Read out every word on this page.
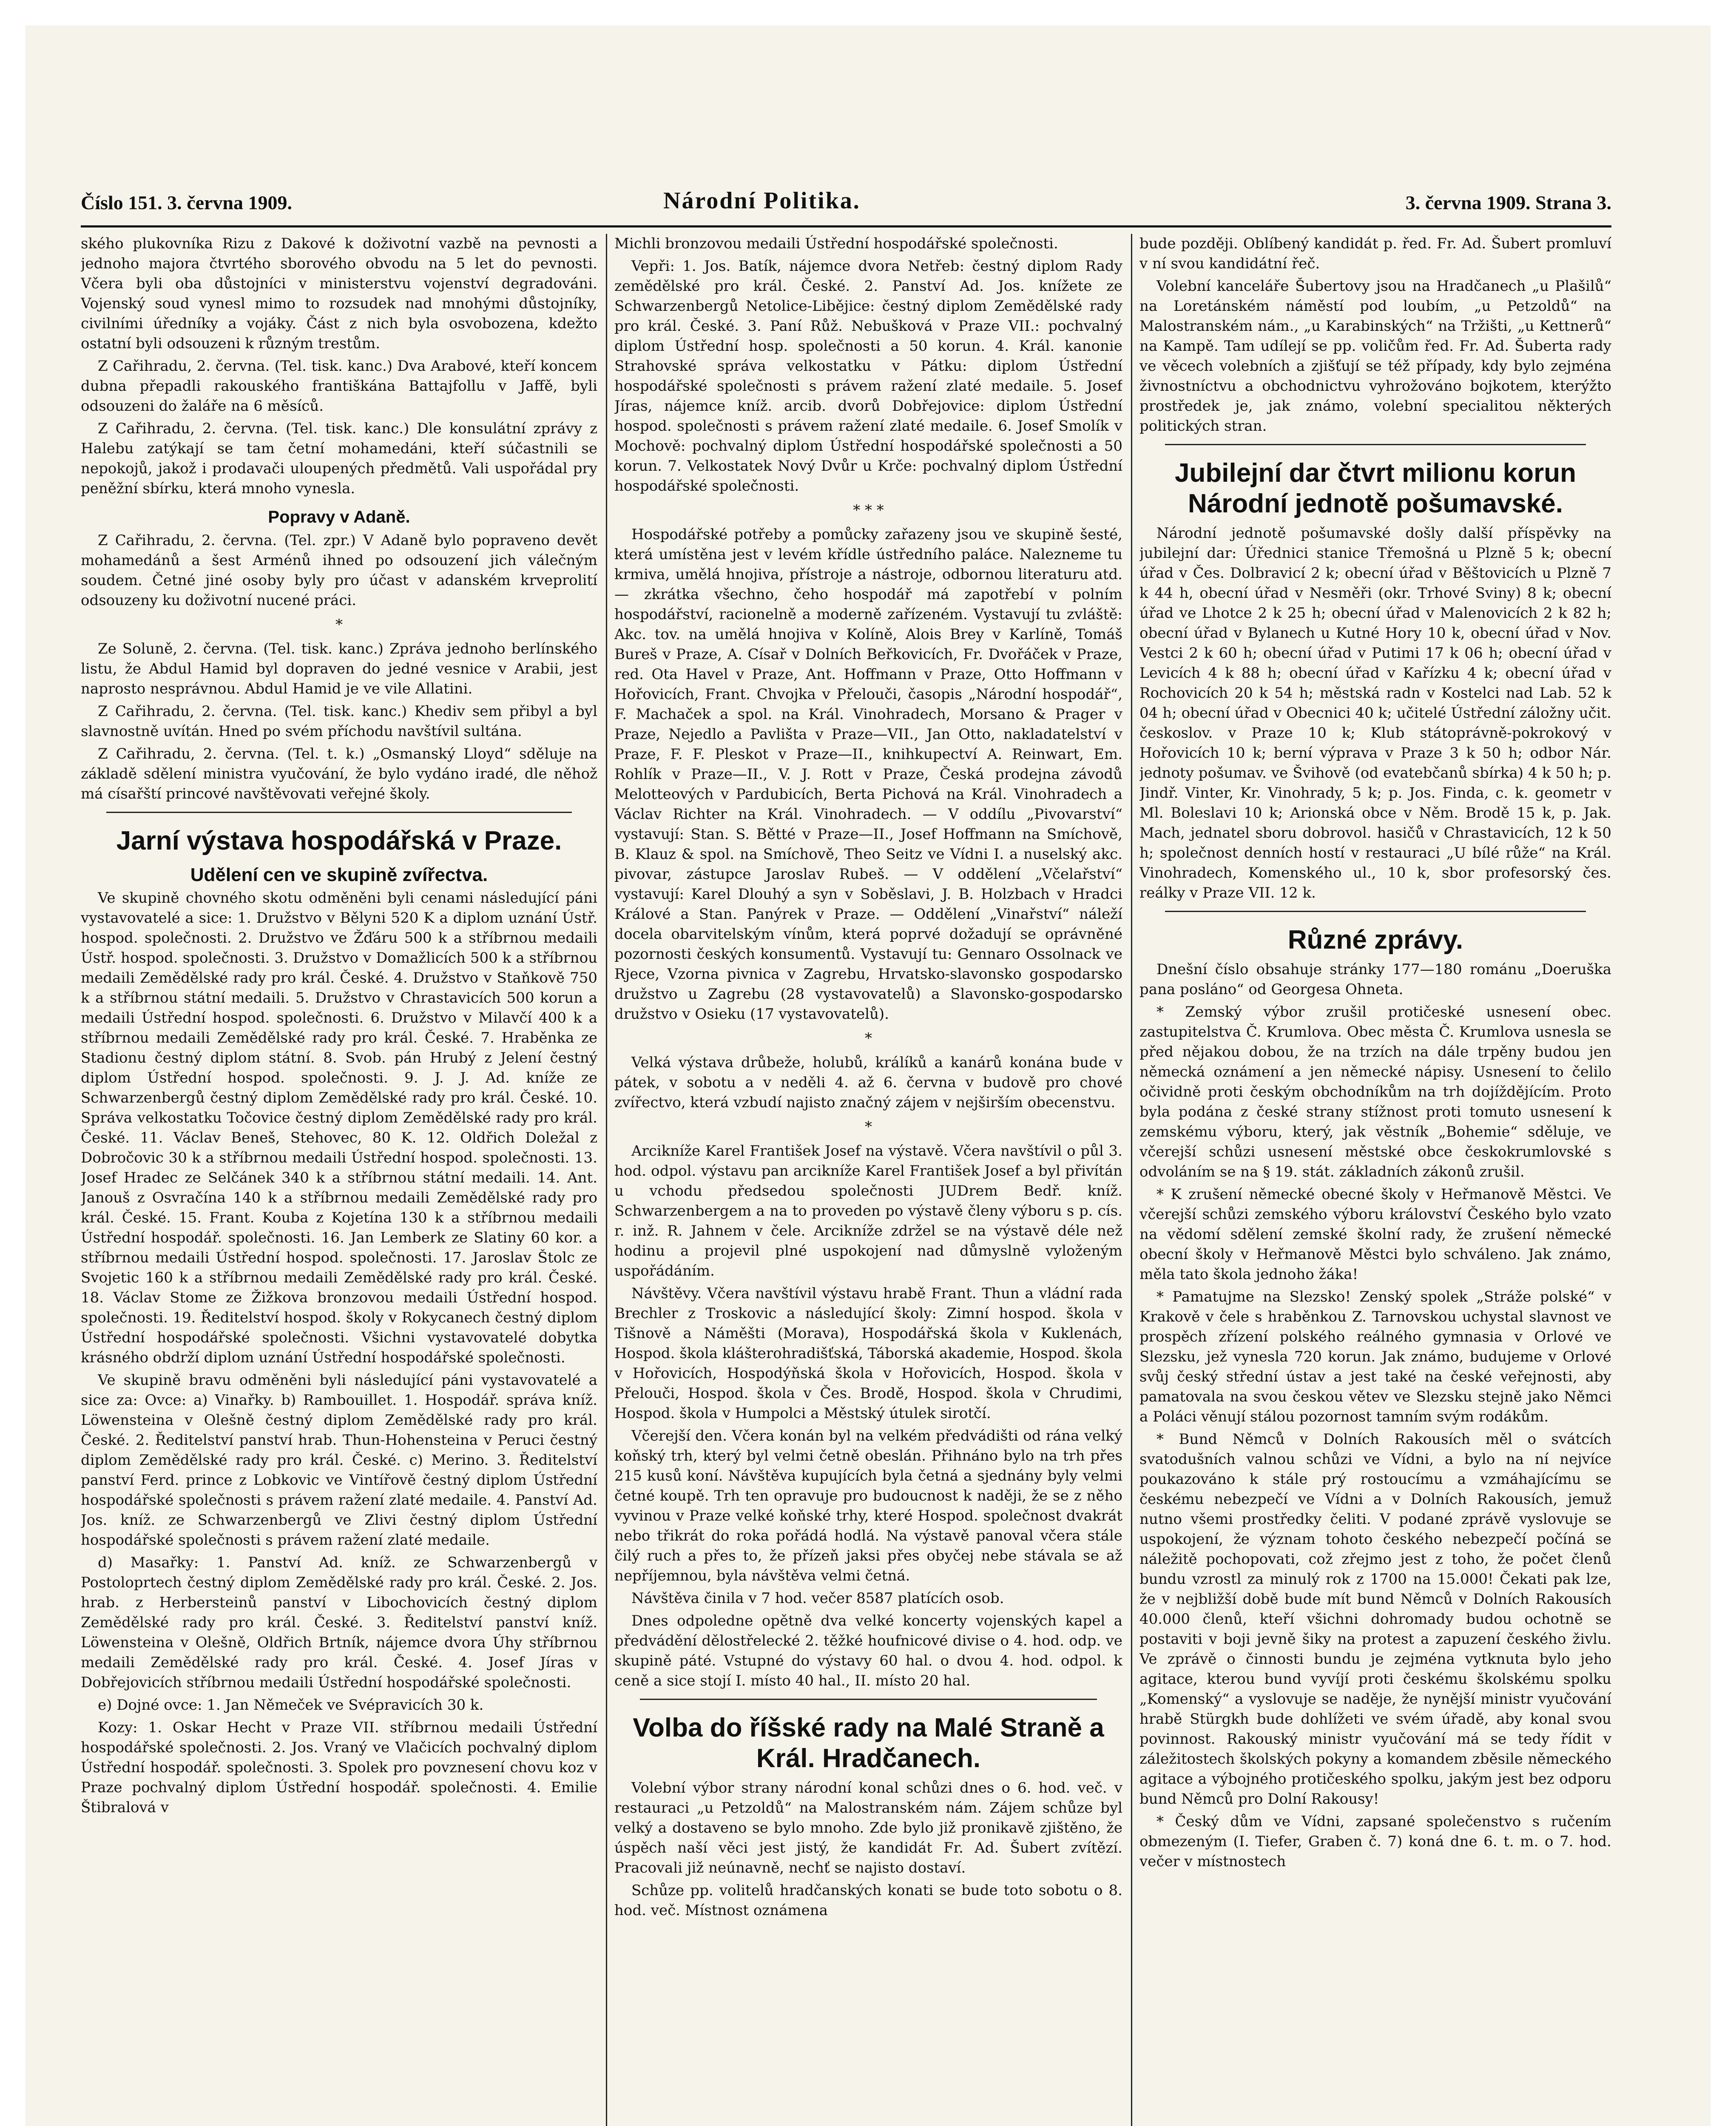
Číslo 151. 3. června 1909.	Národní Politika.	3. června 1909. Strana 3.

ského plukovníka Rizu z Dakové k doživotní vazbě na pevnosti a jednoho majora čtvrtého sborového obvodu na 5 let do pevnosti. Včera byli oba důstojníci v ministerstvu vojenství degradováni. Vojenský soud vynesl mimo to rozsudek nad mnohými důstojníky, civilními úředníky a vojáky. Část z nich byla osvobozena, kdežto ostatní byli odsouzeni k různým trestům.

Z Cařihradu, 2. června. (Tel. tisk. kanc.) Dva Arabové, kteří koncem dubna přepadli rakouského františkána Battajfollu v Jaffě, byli odsouzeni do žaláře na 6 měsíců.

Z Cařihradu, 2. června. (Tel. tisk. kanc.) Dle konsulátní zprávy z Halebu zatýkají se tam četní mohamedáni, kteří súčastnili se nepokojů, jakož i prodavači uloupených předmětů. Vali uspořádal pry peněžní sbírku, která mnoho vynesla.

Popravy v Adaně.

Z Cařihradu, 2. června. (Tel. zpr.) V Adaně bylo popraveno devět mohamedánů a šest Arménů ihned po odsouzení jich válečným soudem. Četné jiné osoby byly pro účast v adanském krveprolití odsouzeny ku doživotní nucené práci.

*

Ze Soluně, 2. června. (Tel. tisk. kanc.) Zpráva jednoho berlínského listu, že Abdul Hamid byl dopraven do jedné vesnice v Arabii, jest naprosto nesprávnou. Abdul Hamid je ve vile Allatini.

Z Cařihradu, 2. června. (Tel. tisk. kanc.) Khediv sem přibyl a byl slavnostně uvítán. Hned po svém příchodu navštívil sultána.

Z Cařihradu, 2. června. (Tel. t. k.) „Osmanský Lloyd“ sděluje na základě sdělení ministra vyučování, že bylo vydáno iradé, dle něhož má císařští princové navštěvovati veřejné školy.

Jarní výstava hospodářská v Praze.
Udělení cen ve skupině zvířectva.

Ve skupině chovného skotu odměněni byli cenami následující páni vystavovatelé a sice: 1. Družstvo v Bělyni 520 K a diplom uznání Ústř. hospod. společnosti. 2. Družstvo ve Žďáru 500 k a stříbrnou medaili Ústř. hospod. společnosti. 3. Družstvo v Domažlicích 500 k a stříbrnou medaili Zemědělské rady pro král. České. 4. Družstvo v Staňkově 750 k a stříbrnou státní medaili. 5. Družstvo v Chrastavicích 500 korun a medaili Ústřední hospod. společnosti. 6. Družstvo v Milavčí 400 k a stříbrnou medaili Zemědělské rady pro král. České. 7. Hraběnka ze Stadionu čestný diplom státní. 8. Svob. pán Hrubý z Jelení čestný diplom Ústřední hospod. společnosti. 9. J. J. Ad. kníže ze Schwarzenbergů čestný diplom Zemědělské rady pro král. České. 10. Správa velkostatku Točovice čestný diplom Zemědělské rady pro král. České. 11. Václav Beneš, Stehovec, 80 K. 12. Oldřich Doležal z Dobročovic 30 k a stříbrnou medaili Ústřední hospod. společnosti. 13. Josef Hradec ze Selčánek 340 k a stříbrnou státní medaili. 14. Ant. Janouš z Osvračína 140 k a stříbrnou medaili Zemědělské rady pro král. České. 15. Frant. Kouba z Kojetína 130 k a stříbrnou medaili Ústřední hospodář. společnosti. 16. Jan Lemberk ze Slatiny 60 kor. a stříbrnou medaili Ústřední hospod. společnosti. 17. Jaroslav Štolc ze Svojetic 160 k a stříbrnou medaili Zemědělské rady pro král. České. 18. Václav Stome ze Žižkova bronzovou medaili Ústřední hospod. společnosti. 19. Ředitelství hospod. školy v Rokycanech čestný diplom Ústřední hospodářské společnosti. Všichni vystavovatelé dobytka krásného obdrží diplom uznání Ústřední hospodářské společnosti.

Ve skupině bravu odměněni byli následující páni vystavovatelé a sice za: Ovce: a) Vinařky. b) Rambouillet. 1. Hospodář. správa kníž. Löwensteina v Olešně čestný diplom Zemědělské rady pro král. České. 2. Ředitelství panství hrab. Thun-Hohensteina v Peruci čestný diplom Zemědělské rady pro král. České. c) Merino. 3. Ředitelství panství Ferd. prince z Lobkovic ve Vintířově čestný diplom Ústřední hospodářské společnosti s právem ražení zlaté medaile. 4. Panství Ad. Jos. kníž. ze Schwarzenbergů ve Zlivi čestný diplom Ústřední hospodářské společnosti s právem ražení zlaté medaile.

d) Masařky: 1. Panství Ad. kníž. ze Schwarzenbergů v Postoloprtech čestný diplom Zemědělské rady pro král. České. 2. Jos. hrab. z Herbersteinů panství v Libochovicích čestný diplom Zemědělské rady pro král. České. 3. Ředitelství panství kníž. Löwensteina v Olešně, Oldřich Brtník, nájemce dvora Úhy stříbrnou medaili Zemědělské rady pro král. České. 4. Josef Jíras v Dobřejovicích stříbrnou medaili Ústřední hospodářské společnosti.

e) Dojné ovce: 1. Jan Němeček ve Svépravicích 30 k.

Kozy: 1. Oskar Hecht v Praze VII. stříbrnou medaili Ústřední hospodářské společnosti. 2. Jos. Vraný ve Vlačicích pochvalný diplom Ústřední hospodář. společnosti. 3. Spolek pro povznesení chovu koz v Praze pochvalný diplom Ústřední hospodář. společnosti. 4. Emilie Štibralová v

Michli bronzovou medaili Ústřední hospodářské společnosti.

Vepři: 1. Jos. Batík, nájemce dvora Netřeb: čestný diplom Rady zemědělské pro král. České. 2. Panství Ad. Jos. knížete ze Schwarzenbergů Netolice-Libějice: čestný diplom Zemědělské rady pro král. České. 3. Paní Růž. Nebušková v Praze VII.: pochvalný diplom Ústřední hosp. společnosti a 50 korun. 4. Král. kanonie Strahovské správa velkostatku v Pátku: diplom Ústřední hospodářské společnosti s právem ražení zlaté medaile. 5. Josef Jíras, nájemce kníž. arcib. dvorů Dobřejovice: diplom Ústřední hospod. společnosti s právem ražení zlaté medaile. 6. Josef Smolík v Mochově: pochvalný diplom Ústřední hospodářské společnosti a 50 korun. 7. Velkostatek Nový Dvůr u Krče: pochvalný diplom Ústřední hospodářské společnosti.

* * *

Hospodářské potřeby a pomůcky zařazeny jsou ve skupině šesté, která umístěna jest v levém křídle ústředního paláce. Nalezneme tu krmiva, umělá hnojiva, přístroje a nástroje, odbornou literaturu atd. — zkrátka všechno, čeho hospodář má zapotřebí v polním hospodářství, racionelně a moderně zařízeném. Vystavují tu zvláště: Akc. tov. na umělá hnojiva v Kolíně, Alois Brey v Karlíně, Tomáš Bureš v Praze, A. Císař v Dolních Beřkovicích, Fr. Dvořáček v Praze, red. Ota Havel v Praze, Ant. Hoffmann v Praze, Otto Hoffmann v Hořovicích, Frant. Chvojka v Přelouči, časopis „Národní hospodář“, F. Machaček a spol. na Král. Vinohradech, Morsano & Prager v Praze, Nejedlo a Pavlišta v Praze—VII., Jan Otto, nakladatelství v Praze, F. F. Pleskot v Praze—II., knihkupectví A. Reinwart, Em. Rohlík v Praze—II., V. J. Rott v Praze, Česká prodejna závodů Melotteových v Pardubicích, Berta Pichová na Král. Vinohradech a Václav Richter na Král. Vinohradech. — V oddílu „Pivovarství“ vystavují: Stan. S. Bětté v Praze—II., Josef Hoffmann na Smíchově, B. Klauz & spol. na Smíchově, Theo Seitz ve Vídni I. a nuselský akc. pivovar, zástupce Jaroslav Rubeš. — V oddělení „Včelařství“ vystavují: Karel Dlouhý a syn v Soběslavi, J. B. Holzbach v Hradci Králové a Stan. Panýrek v Praze. — Oddělení „Vinařství“ náleží docela obarvitelským vínům, která poprvé dožadují se oprávněné pozornosti českých konsumentů. Vystavují tu: Gennaro Ossolnack ve Rjece, Vzorna pivnica v Zagrebu, Hrvatsko-slavonsko gospodarsko družstvo u Zagrebu (28 vystavovatelů) a Slavonsko-gospodarsko družstvo v Osieku (17 vystavovatelů).

*

Velká výstava drůbeže, holubů, králíků a kanárů konána bude v pátek, v sobotu a v neděli 4. až 6. června v budově pro chové zvířectvo, která vzbudí najisto značný zájem v nejširším obecenstvu.

*

Arcikníže Karel František Josef na výstavě. Včera navštívil o půl 3. hod. odpol. výstavu pan arcikníže Karel František Josef a byl přivítán u vchodu předsedou společnosti JUDrem Bedř. kníž. Schwarzenbergem a na to proveden po výstavě členy výboru s p. cís. r. inž. R. Jahnem v čele. Arcikníže zdržel se na výstavě déle než hodinu a projevil plné uspokojení nad důmyslně vyloženým uspořádáním.

Návštěvy. Včera navštívil výstavu hrabě Frant. Thun a vládní rada Brechler z Troskovic a následující školy: Zimní hospod. škola v Tišnově a Náměšti (Morava), Hospodářská škola v Kuklenách, Hospod. škola klášterohradišťská, Táborská akademie, Hospod. škola v Hořovicích, Hospodýňská škola v Hořovicích, Hospod. škola v Přelouči, Hospod. škola v Čes. Brodě, Hospod. škola v Chrudimi, Hospod. škola v Humpolci a Městský útulek sirotčí.

Včerejší den. Včera konán byl na velkém předvádišti od rána velký koňský trh, který byl velmi četně obeslán. Přihnáno bylo na trh přes 215 kusů koní. Návštěva kupujících byla četná a sjednány byly velmi četné koupě. Trh ten opravuje pro budoucnost k naději, že se z něho vyvinou v Praze velké koňské trhy, které Hospod. společnost dvakrát nebo třikrát do roka pořádá hodlá. Na výstavě panoval včera stále čilý ruch a přes to, že přízeň jaksi přes obyčej nebe stávala se až nepříjemnou, byla návštěva velmi četná.

Návštěva činila v 7 hod. večer 8587 platících osob.

Dnes odpoledne opětně dva velké koncerty vojenských kapel a předvádění dělostřelecké 2. těžké houfnicové divise o 4. hod. odp. ve skupině páté. Vstupné do výstavy 60 hal. o dvou 4. hod. odpol. k ceně a sice stojí I. místo 40 hal., II. místo 20 hal.

Volba do říšské rady na Malé Straně a Král. Hradčanech.

Volební výbor strany národní konal schůzi dnes o 6. hod. več. v restauraci „u Petzoldů“ na Malostranském nám. Zájem schůze byl velký a dostaveno se bylo mnoho. Zde bylo již pronikavě zjištěno, že úspěch naší věci jest jistý, že kandidát Fr. Ad. Šubert zvítězí. Pracovali již neúnavně, nechť se najisto dostaví.

Schůze pp. volitelů hradčanských konati se bude toto sobotu o 8. hod. več. Místnost oznámena

bude později. Oblíbený kandidát p. řed. Fr. Ad. Šubert promluví v ní svou kandidátní řeč.

Volební kanceláře Šubertovy jsou na Hradčanech „u Plašilů“ na Loretánském náměstí pod loubím, „u Petzoldů“ na Malostranském nám., „u Karabinských“ na Tržišti, „u Kettnerů“ na Kampě. Tam udílejí se pp. voličům řed. Fr. Ad. Šuberta rady ve věcech volebních a zjišťují se též případy, kdy bylo zejména živnostníctvu a obchodnictvu vyhrožováno bojkotem, kterýžto prostředek je, jak známo, volební specialitou některých politických stran.

Jubilejní dar čtvrt milionu korun Národní jednotě pošumavské.

Národní jednotě pošumavské došly další příspěvky na jubilejní dar: Úřednici stanice Třemošná u Plzně 5 k; obecní úřad v Čes. Dolbravicí 2 k; obecní úřad v Běštovicích u Plzně 7 k 44 h, obecní úřad v Nesměři (okr. Trhové Sviny) 8 k; obecní úřad ve Lhotce 2 k 25 h; obecní úřad v Malenovicích 2 k 82 h; obecní úřad v Bylanech u Kutné Hory 10 k, obecní úřad v Nov. Vestci 2 k 60 h; obecní úřad v Putimi 17 k 06 h; obecní úřad v Levicích 4 k 88 h; obecní úřad v Kařízku 4 k; obecní úřad v Rochovicích 20 k 54 h; městská radn v Kostelci nad Lab. 52 k 04 h; obecní úřad v Obecnici 40 k; učitelé Ústřední záložny učit. českoslov. v Praze 10 k; Klub státoprávně-pokrokový v Hořovicích 10 k; berní výprava v Praze 3 k 50 h; odbor Nár. jednoty pošumav. ve Švihově (od evatebčanů sbírka) 4 k 50 h; p. Jindř. Vinter, Kr. Vinohrady, 5 k; p. Jos. Finda, c. k. geometr v Ml. Boleslavi 10 k; Arionská obce v Něm. Brodě 15 k, p. Jak. Mach, jednatel sboru dobrovol. hasičů v Chrastavicích, 12 k 50 h; společnost denních hostí v restauraci „U bílé růže“ na Král. Vinohradech, Komenského ul., 10 k, sbor profesorský čes. reálky v Praze VII. 12 k.

Různé zprávy.

Dnešní číslo obsahuje stránky 177—180 románu „Doeruška pana posláno“ od Georgesa Ohneta.

* Zemský výbor zrušil protičeské usnesení obec. zastupitelstva Č. Krumlova. Obec města Č. Krumlova usnesla se před nějakou dobou, že na trzích na dále trpěny budou jen německá oznámení a jen německé nápisy. Usnesení to čelilo očividně proti českým obchodníkům na trh dojíždějícím. Proto byla podána z české strany stížnost proti tomuto usnesení k zemskému výboru, který, jak věstník „Bohemie“ sděluje, ve včerejší schůzi usnesení městské obce českokrumlovské s odvoláním se na § 19. stát. základních zákonů zrušil.

* K zrušení německé obecné školy v Heřmanově Městci. Ve včerejší schůzi zemského výboru království Českého bylo vzato na vědomí sdělení zemské školní rady, že zrušení německé obecní školy v Heřmanově Městci bylo schváleno. Jak známo, měla tato škola jednoho žáka!

* Pamatujme na Slezsko! Zenský spolek „Stráže polské“ v Krakově v čele s hraběnkou Z. Tarnovskou uchystal slavnost ve prospěch zřízení polského reálného gymnasia v Orlové ve Slezsku, jež vynesla 720 korun. Jak známo, budujeme v Orlové svůj český střední ústav a jest také na české veřejnosti, aby pamatovala na svou českou větev ve Slezsku stejně jako Němci a Poláci věnují stálou pozornost tamním svým rodákům.

* Bund Němců v Dolních Rakousích měl o svátcích svatodušních valnou schůzi ve Vídni, a bylo na ní nejvíce poukazováno k stále prý rostoucímu a vzmáhajícímu se českému nebezpečí ve Vídni a v Dolních Rakousích, jemuž nutno všemi prostředky čeliti. V podané zprávě vyslovuje se uspokojení, že význam tohoto českého nebezpečí počíná se náležitě pochopovati, což zřejmo jest z toho, že počet členů bundu vzrostl za minulý rok z 1700 na 15.000! Čekati pak lze, že v nejbližší době bude mít bund Němců v Dolních Rakousích 40.000 členů, kteří všichni dohromady budou ochotně se postaviti v boji jevně šiky na protest a zapuzení českého živlu. Ve zprávě o činnosti bundu je zejména vytknuta bylo jeho agitace, kterou bund vyvíjí proti českému školskému spolku „Komenský“ a vyslovuje se naděje, že nynější ministr vyučování hrabě Stürgkh bude dohlížeti ve svém úřadě, aby konal svou povinnost. Rakouský ministr vyučování má se tedy řídit v záležitostech školských pokyny a komandem zběsile německého agitace a výbojného protičeského spolku, jakým jest bez odporu bund Němců pro Dolní Rakousy!

* Český dům ve Vídni, zapsané společenstvo s ručením obmezeným (I. Tiefer, Graben č. 7) koná dne 6. t. m. o 7. hod. večer v místnostech
